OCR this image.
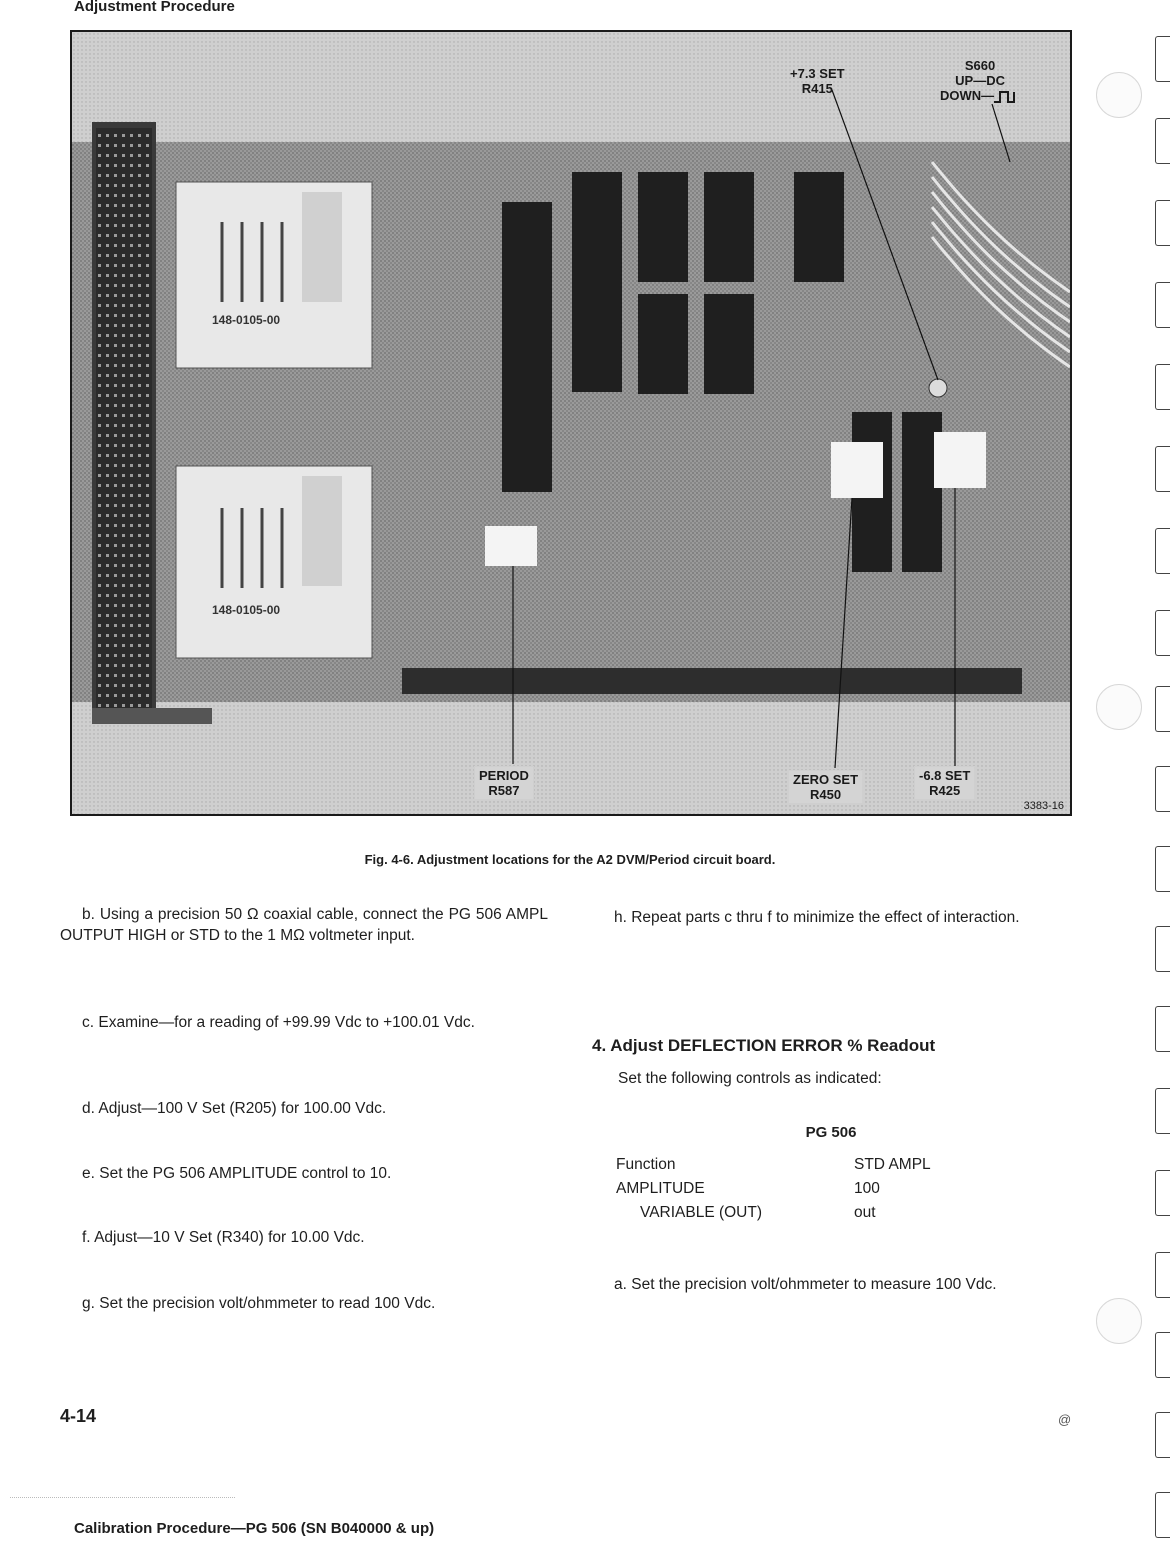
Adjustment Procedure
148-0105-00
148-0105-00
+7.3 SET
R415
S660
UP—DC
DOWN—
PERIOD
R587
ZERO SET
R450
-6.8 SET
R425
3383-16
Fig. 4-6. Adjustment locations for the A2 DVM/Period circuit board.
b. Using a precision 50 Ω coaxial cable, connect the PG 506 AMPL OUTPUT HIGH or STD to the 1 MΩ voltmeter input.
c. Examine—for a reading of +99.99 Vdc to +100.01 Vdc.
d. Adjust—100 V Set (R205) for 100.00 Vdc.
e. Set the PG 506 AMPLITUDE control to 10.
f. Adjust—10 V Set (R340) for 10.00 Vdc.
g. Set the precision volt/ohmmeter to read 100 Vdc.
h. Repeat parts c thru f to minimize the effect of interaction.
4. Adjust DEFLECTION ERROR % Readout
Set the following controls as indicated:
PG 506
Function	STD AMPL
AMPLITUDE	100
VARIABLE (OUT)	out
a. Set the precision volt/ohmmeter to measure 100 Vdc.
4-14	@
Calibration Procedure—PG 506 (SN B040000 & up)
